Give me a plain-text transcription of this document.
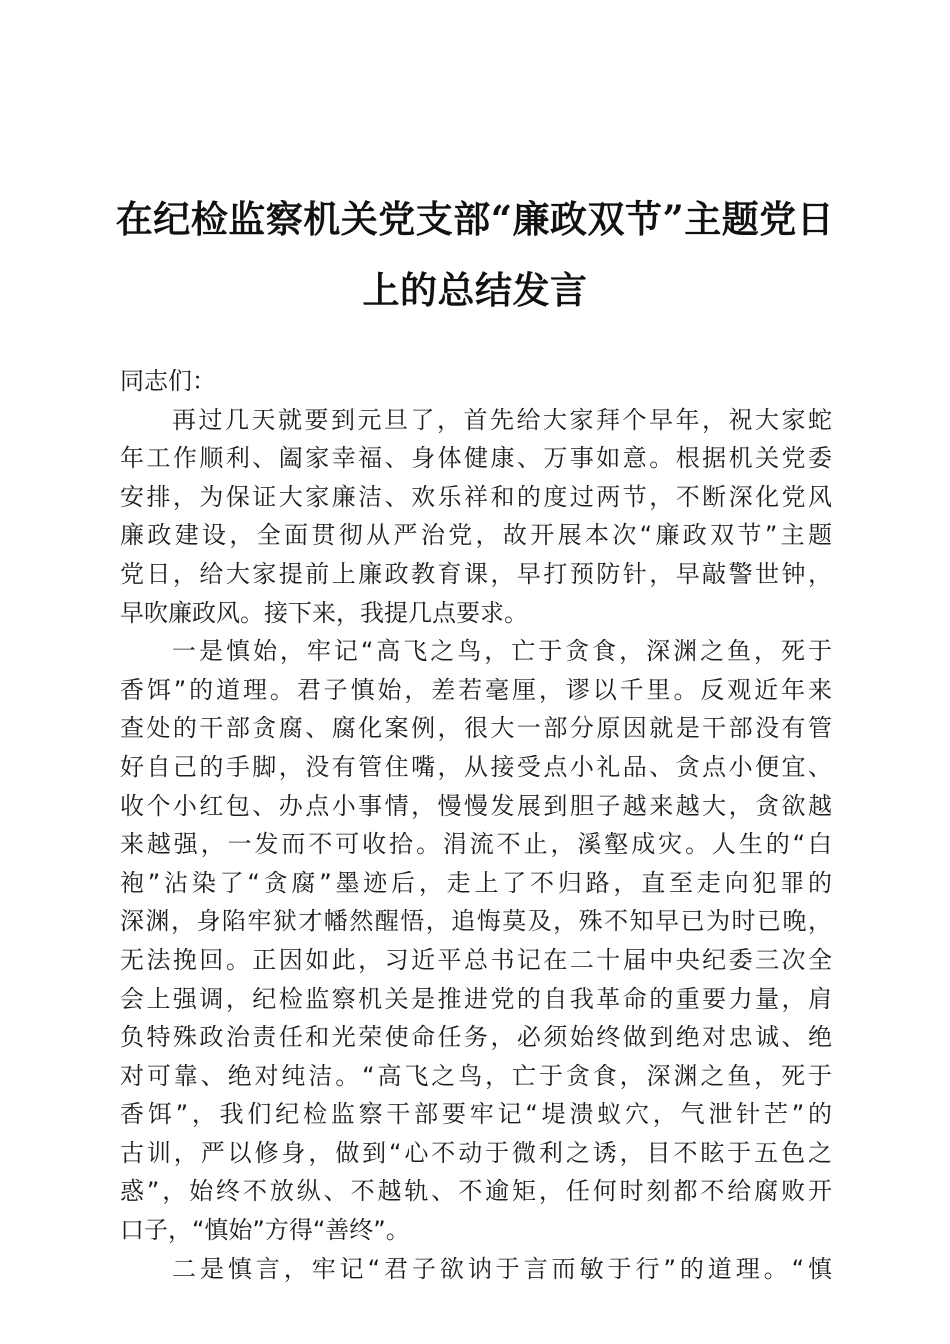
在纪检监察机关党支部“廉政双节”主题党日
上的总结发言

同志们：

再过几天就要到元旦了，首先给大家拜个早年，祝大家蛇
年工作顺利、阖家幸福、身体健康、万事如意。根据机关党委
安排，为保证大家廉洁、欢乐祥和的度过两节，不断深化党风
廉政建设，全面贯彻从严治党，故开展本次“廉政双节”主题
党日，给大家提前上廉政教育课，早打预防针，早敲警世钟，
早吹廉政风。接下来，我提几点要求。

一是慎始，牢记“高飞之鸟，亡于贪食，深渊之鱼，死于
香饵”的道理。君子慎始，差若毫厘，谬以千里。反观近年来
查处的干部贪腐、腐化案例，很大一部分原因就是干部没有管
好自己的手脚，没有管住嘴，从接受点小礼品、贪点小便宜、
收个小红包、办点小事情，慢慢发展到胆子越来越大，贪欲越
来越强，一发而不可收拾。涓流不止，溪壑成灾。人生的“白
袍”沾染了“贪腐”墨迹后，走上了不归路，直至走向犯罪的
深渊，身陷牢狱才幡然醒悟，追悔莫及，殊不知早已为时已晚，
无法挽回。正因如此，习近平总书记在二十届中央纪委三次全
会上强调，纪检监察机关是推进党的自我革命的重要力量，肩
负特殊政治责任和光荣使命任务，必须始终做到绝对忠诚、绝
对可靠、绝对纯洁。“高飞之鸟，亡于贪食，深渊之鱼，死于
香饵”，我们纪检监察干部要牢记“堤溃蚁穴，气泄针芒”的
古训，严以修身，做到“心不动于微利之诱，目不眩于五色之
惑”，始终不放纵、不越轨、不逾矩，任何时刻都不给腐败开
口子，“慎始”方得“善终”。

二是慎言，牢记“君子欲讷于言而敏于行”的道理。“慎
